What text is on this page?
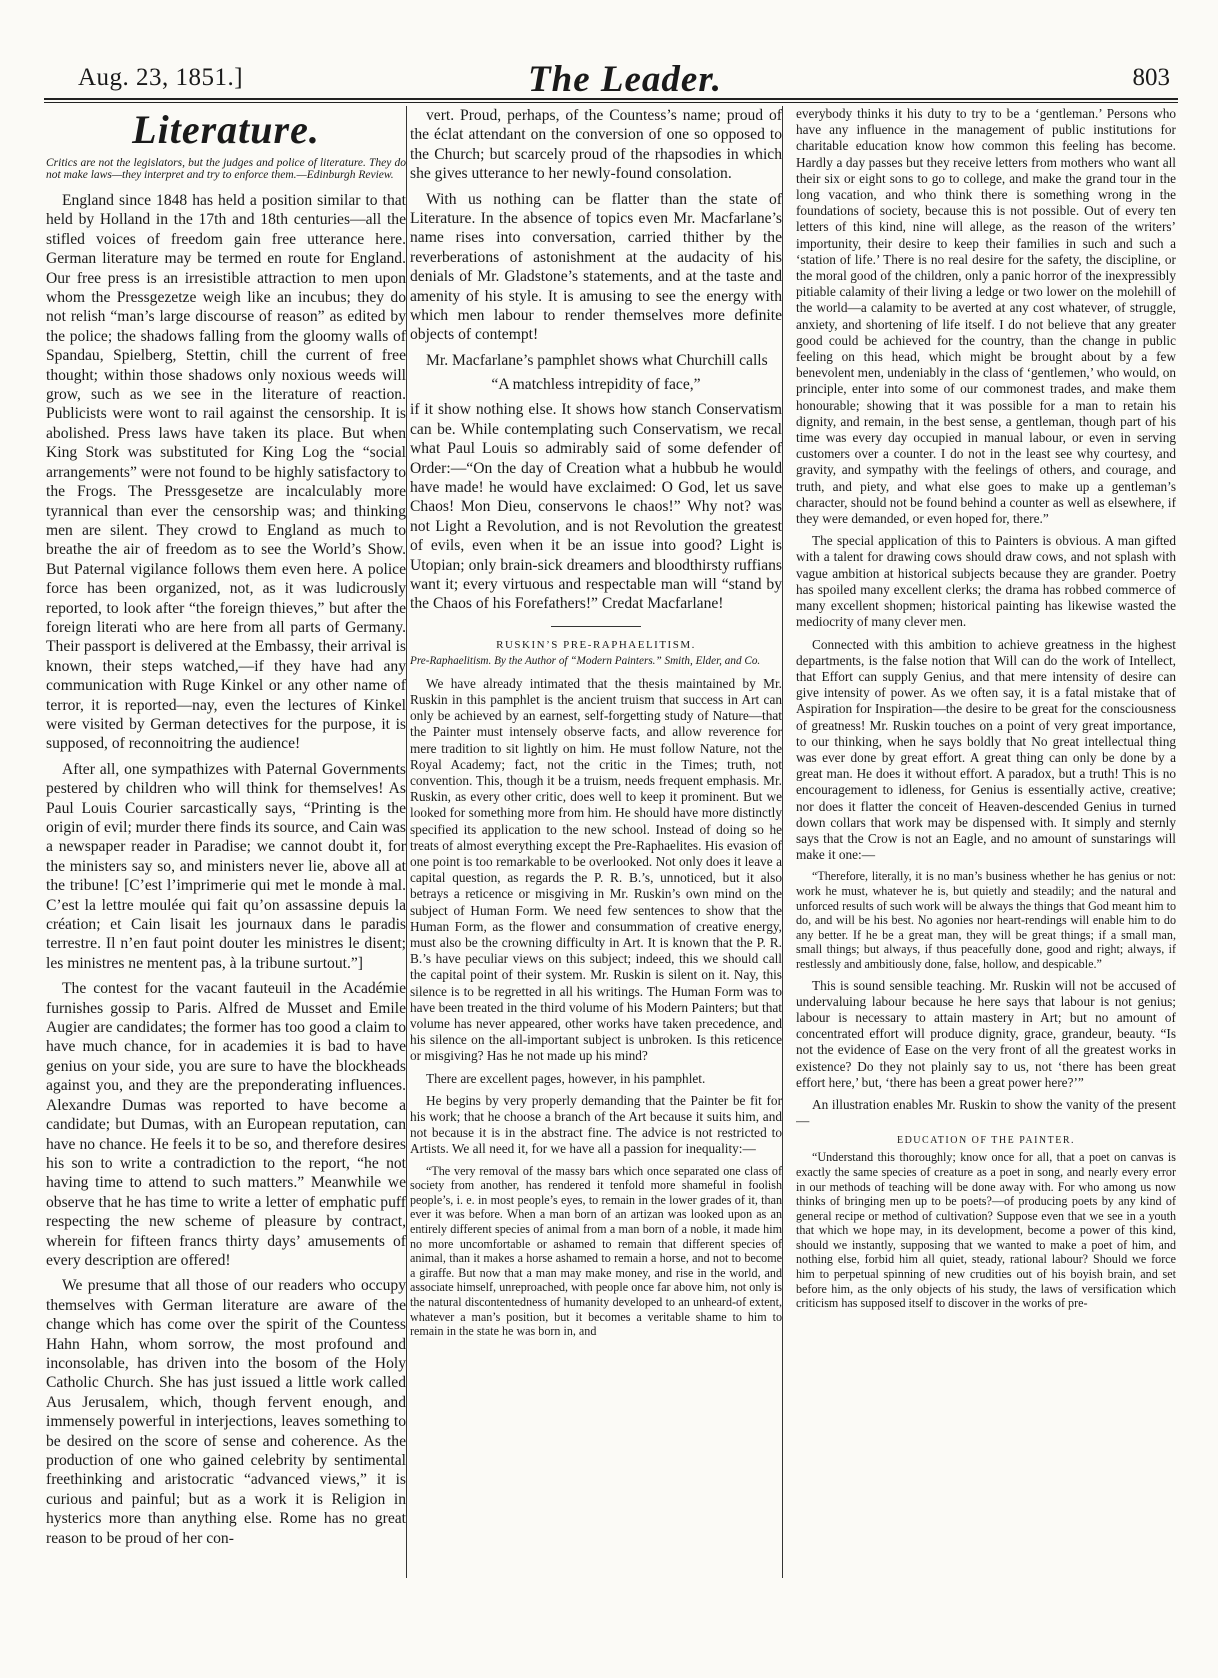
Aug. 23, 1851.]	The Leader.	803
Literature.
Critics are not the legislators, but the judges and police of literature. They do not make laws—they interpret and try to enforce them.—Edinburgh Review.

England since 1848 has held a position similar to that held by Holland in the 17th and 18th centuries—all the stifled voices of freedom gain free utterance here. German literature may be termed en route for England. Our free press is an irresistible attraction to men upon whom the Pressgezetze weigh like an incubus; they do not relish “man’s large discourse of reason” as edited by the police; the shadows falling from the gloomy walls of Spandau, Spielberg, Stettin, chill the current of free thought; within those shadows only noxious weeds will grow, such as we see in the literature of reaction. Publicists were wont to rail against the censorship. It is abolished. Press laws have taken its place. But when King Stork was substituted for King Log the “social arrangements” were not found to be highly satisfactory to the Frogs. The Pressgesetze are incalculably more tyrannical than ever the censorship was; and thinking men are silent. They crowd to England as much to breathe the air of freedom as to see the World’s Show. But Paternal vigilance follows them even here. A police force has been organized, not, as it was ludicrously reported, to look after “the foreign thieves,” but after the foreign literati who are here from all parts of Germany. Their passport is delivered at the Embassy, their arrival is known, their steps watched,—if they have had any communication with Ruge Kinkel or any other name of terror, it is reported—nay, even the lectures of Kinkel were visited by German detectives for the purpose, it is supposed, of reconnoitring the audience!

After all, one sympathizes with Paternal Governments pestered by children who will think for themselves! As Paul Louis Courier sarcastically says, “Printing is the origin of evil; murder there finds its source, and Cain was a newspaper reader in Paradise; we cannot doubt it, for the ministers say so, and ministers never lie, above all at the tribune! [C’est l’imprimerie qui met le monde à mal. C’est la lettre moulée qui fait qu’on assassine depuis la création; et Cain lisait les journaux dans le paradis terrestre. Il n’en faut point douter les ministres le disent; les ministres ne mentent pas, à la tribune surtout.”]

The contest for the vacant fauteuil in the Académie furnishes gossip to Paris. Alfred de Musset and Emile Augier are candidates; the former has too good a claim to have much chance, for in academies it is bad to have genius on your side, you are sure to have the blockheads against you, and they are the preponderating influences. Alexandre Dumas was reported to have become a candidate; but Dumas, with an European reputation, can have no chance. He feels it to be so, and therefore desires his son to write a contradiction to the report, “he not having time to attend to such matters.” Meanwhile we observe that he has time to write a letter of emphatic puff respecting the new scheme of pleasure by contract, wherein for fifteen francs thirty days’ amusements of every description are offered!

We presume that all those of our readers who occupy themselves with German literature are aware of the change which has come over the spirit of the Countess Hahn Hahn, whom sorrow, the most profound and inconsolable, has driven into the bosom of the Holy Catholic Church. She has just issued a little work called Aus Jerusalem, which, though fervent enough, and immensely powerful in interjections, leaves something to be desired on the score of sense and coherence. As the production of one who gained celebrity by sentimental freethinking and aristocratic “advanced views,” it is curious and painful; but as a work it is Religion in hysterics more than anything else. Rome has no great reason to be proud of her con-

vert. Proud, perhaps, of the Countess’s name; proud of the éclat attendant on the conversion of one so opposed to the Church; but scarcely proud of the rhapsodies in which she gives utterance to her newly-found consolation.

With us nothing can be flatter than the state of Literature. In the absence of topics even Mr. Macfarlane’s name rises into conversation, carried thither by the reverberations of astonishment at the audacity of his denials of Mr. Gladstone’s statements, and at the taste and amenity of his style. It is amusing to see the energy with which men labour to render themselves more definite objects of contempt!

Mr. Macfarlane’s pamphlet shows what Churchill calls

“A matchless intrepidity of face,”

if it show nothing else. It shows how stanch Conservatism can be. While contemplating such Conservatism, we recal what Paul Louis so admirably said of some defender of Order:—“On the day of Creation what a hubbub he would have made! he would have exclaimed: O God, let us save Chaos! Mon Dieu, conservons le chaos!” Why not? was not Light a Revolution, and is not Revolution the greatest of evils, even when it be an issue into good? Light is Utopian; only brain-sick dreamers and bloodthirsty ruffians want it; every virtuous and respectable man will “stand by the Chaos of his Forefathers!” Credat Macfarlane!

RUSKIN’S PRE-RAPHAELITISM.
Pre-Raphaelitism. By the Author of “Modern Painters.” Smith, Elder, and Co.

We have already intimated that the thesis maintained by Mr. Ruskin in this pamphlet is the ancient truism that success in Art can only be achieved by an earnest, self-forgetting study of Nature—that the Painter must intensely observe facts, and allow reverence for mere tradition to sit lightly on him. He must follow Nature, not the Royal Academy; fact, not the critic in the Times; truth, not convention. This, though it be a truism, needs frequent emphasis. Mr. Ruskin, as every other critic, does well to keep it prominent. But we looked for something more from him. He should have more distinctly specified its application to the new school. Instead of doing so he treats of almost everything except the Pre-Raphaelites. His evasion of one point is too remarkable to be overlooked. Not only does it leave a capital question, as regards the P. R. B.’s, unnoticed, but it also betrays a reticence or misgiving in Mr. Ruskin’s own mind on the subject of Human Form. We need few sentences to show that the Human Form, as the flower and consummation of creative energy, must also be the crowning difficulty in Art. It is known that the P. R. B.’s have peculiar views on this subject; indeed, this we should call the capital point of their system. Mr. Ruskin is silent on it. Nay, this silence is to be regretted in all his writings. The Human Form was to have been treated in the third volume of his Modern Painters; but that volume has never appeared, other works have taken precedence, and his silence on the all-important subject is unbroken. Is this reticence or misgiving? Has he not made up his mind?

There are excellent pages, however, in his pamphlet.

He begins by very properly demanding that the Painter be fit for his work; that he choose a branch of the Art because it suits him, and not because it is in the abstract fine. The advice is not restricted to Artists. We all need it, for we have all a passion for inequality:—

“The very removal of the massy bars which once separated one class of society from another, has rendered it tenfold more shameful in foolish people’s, i. e. in most people’s eyes, to remain in the lower grades of it, than ever it was before. When a man born of an artizan was looked upon as an entirely different species of animal from a man born of a noble, it made him no more uncomfortable or ashamed to remain that different species of animal, than it makes a horse ashamed to remain a horse, and not to become a giraffe. But now that a man may make money, and rise in the world, and associate himself, unreproached, with people once far above him, not only is the natural discontentedness of humanity developed to an unheard-of extent, whatever a man’s position, but it becomes a veritable shame to him to remain in the state he was born in, and

everybody thinks it his duty to try to be a ‘gentleman.’ Persons who have any influence in the management of public institutions for charitable education know how common this feeling has become. Hardly a day passes but they receive letters from mothers who want all their six or eight sons to go to college, and make the grand tour in the long vacation, and who think there is something wrong in the foundations of society, because this is not possible. Out of every ten letters of this kind, nine will allege, as the reason of the writers’ importunity, their desire to keep their families in such and such a ‘station of life.’ There is no real desire for the safety, the discipline, or the moral good of the children, only a panic horror of the inexpressibly pitiable calamity of their living a ledge or two lower on the molehill of the world—a calamity to be averted at any cost whatever, of struggle, anxiety, and shortening of life itself. I do not believe that any greater good could be achieved for the country, than the change in public feeling on this head, which might be brought about by a few benevolent men, undeniably in the class of ‘gentlemen,’ who would, on principle, enter into some of our commonest trades, and make them honourable; showing that it was possible for a man to retain his dignity, and remain, in the best sense, a gentleman, though part of his time was every day occupied in manual labour, or even in serving customers over a counter. I do not in the least see why courtesy, and gravity, and sympathy with the feelings of others, and courage, and truth, and piety, and what else goes to make up a gentleman’s character, should not be found behind a counter as well as elsewhere, if they were demanded, or even hoped for, there.”

The special application of this to Painters is obvious. A man gifted with a talent for drawing cows should draw cows, and not splash with vague ambition at historical subjects because they are grander. Poetry has spoiled many excellent clerks; the drama has robbed commerce of many excellent shopmen; historical painting has likewise wasted the mediocrity of many clever men.

Connected with this ambition to achieve greatness in the highest departments, is the false notion that Will can do the work of Intellect, that Effort can supply Genius, and that mere intensity of desire can give intensity of power. As we often say, it is a fatal mistake that of Aspiration for Inspiration—the desire to be great for the consciousness of greatness! Mr. Ruskin touches on a point of very great importance, to our thinking, when he says boldly that No great intellectual thing was ever done by great effort. A great thing can only be done by a great man. He does it without effort. A paradox, but a truth! This is no encouragement to idleness, for Genius is essentially active, creative; nor does it flatter the conceit of Heaven-descended Genius in turned down collars that work may be dispensed with. It simply and sternly says that the Crow is not an Eagle, and no amount of sunstarings will make it one:—

“Therefore, literally, it is no man’s business whether he has genius or not: work he must, whatever he is, but quietly and steadily; and the natural and unforced results of such work will be always the things that God meant him to do, and will be his best. No agonies nor heart-rendings will enable him to do any better. If he be a great man, they will be great things; if a small man, small things; but always, if thus peacefully done, good and right; always, if restlessly and ambitiously done, false, hollow, and despicable.”

This is sound sensible teaching. Mr. Ruskin will not be accused of undervaluing labour because he here says that labour is not genius; labour is necessary to attain mastery in Art; but no amount of concentrated effort will produce dignity, grace, grandeur, beauty. “Is not the evidence of Ease on the very front of all the greatest works in existence? Do they not plainly say to us, not ‘there has been great effort here,’ but, ‘there has been a great power here?’”

An illustration enables Mr. Ruskin to show the vanity of the present—

EDUCATION OF THE PAINTER.

“Understand this thoroughly; know once for all, that a poet on canvas is exactly the same species of creature as a poet in song, and nearly every error in our methods of teaching will be done away with. For who among us now thinks of bringing men up to be poets?—of producing poets by any kind of general recipe or method of cultivation? Suppose even that we see in a youth that which we hope may, in its development, become a power of this kind, should we instantly, supposing that we wanted to make a poet of him, and nothing else, forbid him all quiet, steady, rational labour? Should we force him to perpetual spinning of new crudities out of his boyish brain, and set before him, as the only objects of his study, the laws of versification which criticism has supposed itself to discover in the works of pre-
